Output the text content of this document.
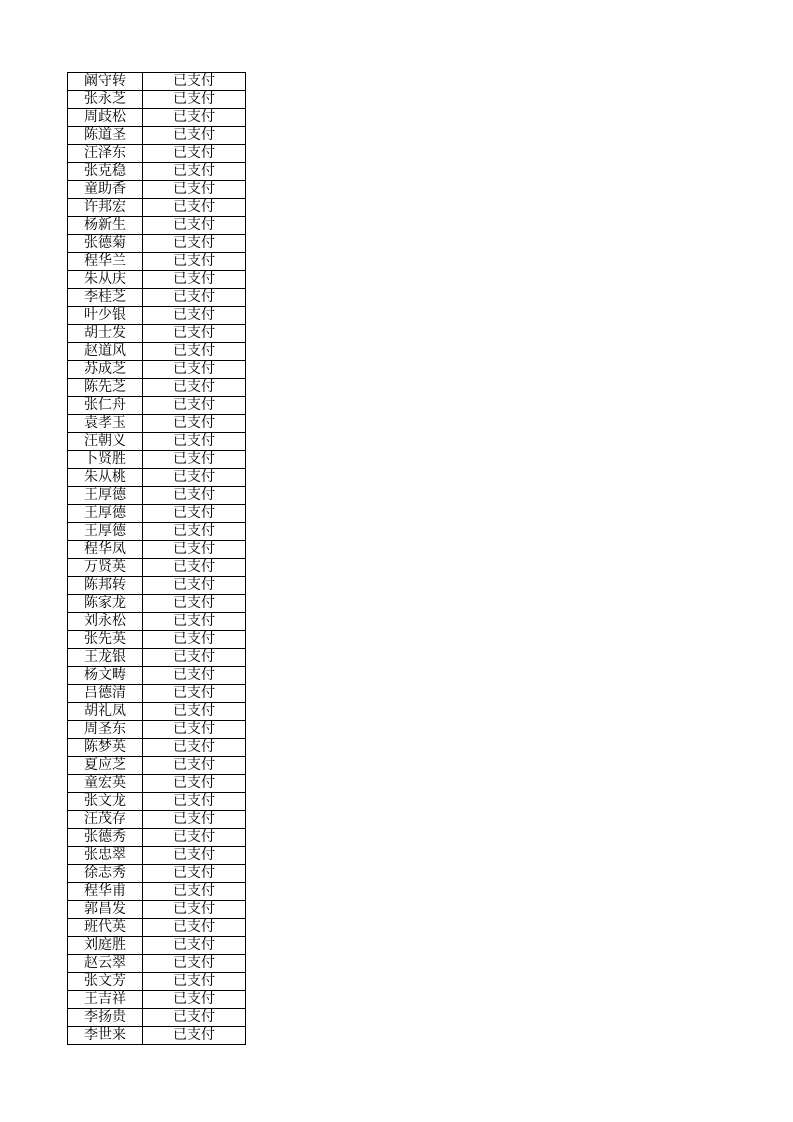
阚守转	已支付
张永芝	已支付
周歧松	已支付
陈道圣	已支付
汪泽东	已支付
张克稳	已支付
童助香	已支付
许邦宏	已支付
杨新生	已支付
张德菊	已支付
程华兰	已支付
朱从庆	已支付
李桂芝	已支付
叶少银	已支付
胡士发	已支付
赵道风	已支付
苏成芝	已支付
陈先芝	已支付
张仁舟	已支付
袁孝玉	已支付
汪朝义	已支付
卜贤胜	已支付
朱从桃	已支付
王厚德	已支付
王厚德	已支付
王厚德	已支付
程华凤	已支付
万贤英	已支付
陈邦转	已支付
陈家龙	已支付
刘永松	已支付
张先英	已支付
王龙银	已支付
杨文畴	已支付
吕德清	已支付
胡礼凤	已支付
周圣东	已支付
陈梦英	已支付
夏应芝	已支付
童宏英	已支付
张文龙	已支付
汪茂存	已支付
张德秀	已支付
张忠翠	已支付
徐志秀	已支付
程华甫	已支付
郭昌发	已支付
班代英	已支付
刘庭胜	已支付
赵云翠	已支付
张文芳	已支付
王吉祥	已支付
李扬贵	已支付
李世来	已支付
